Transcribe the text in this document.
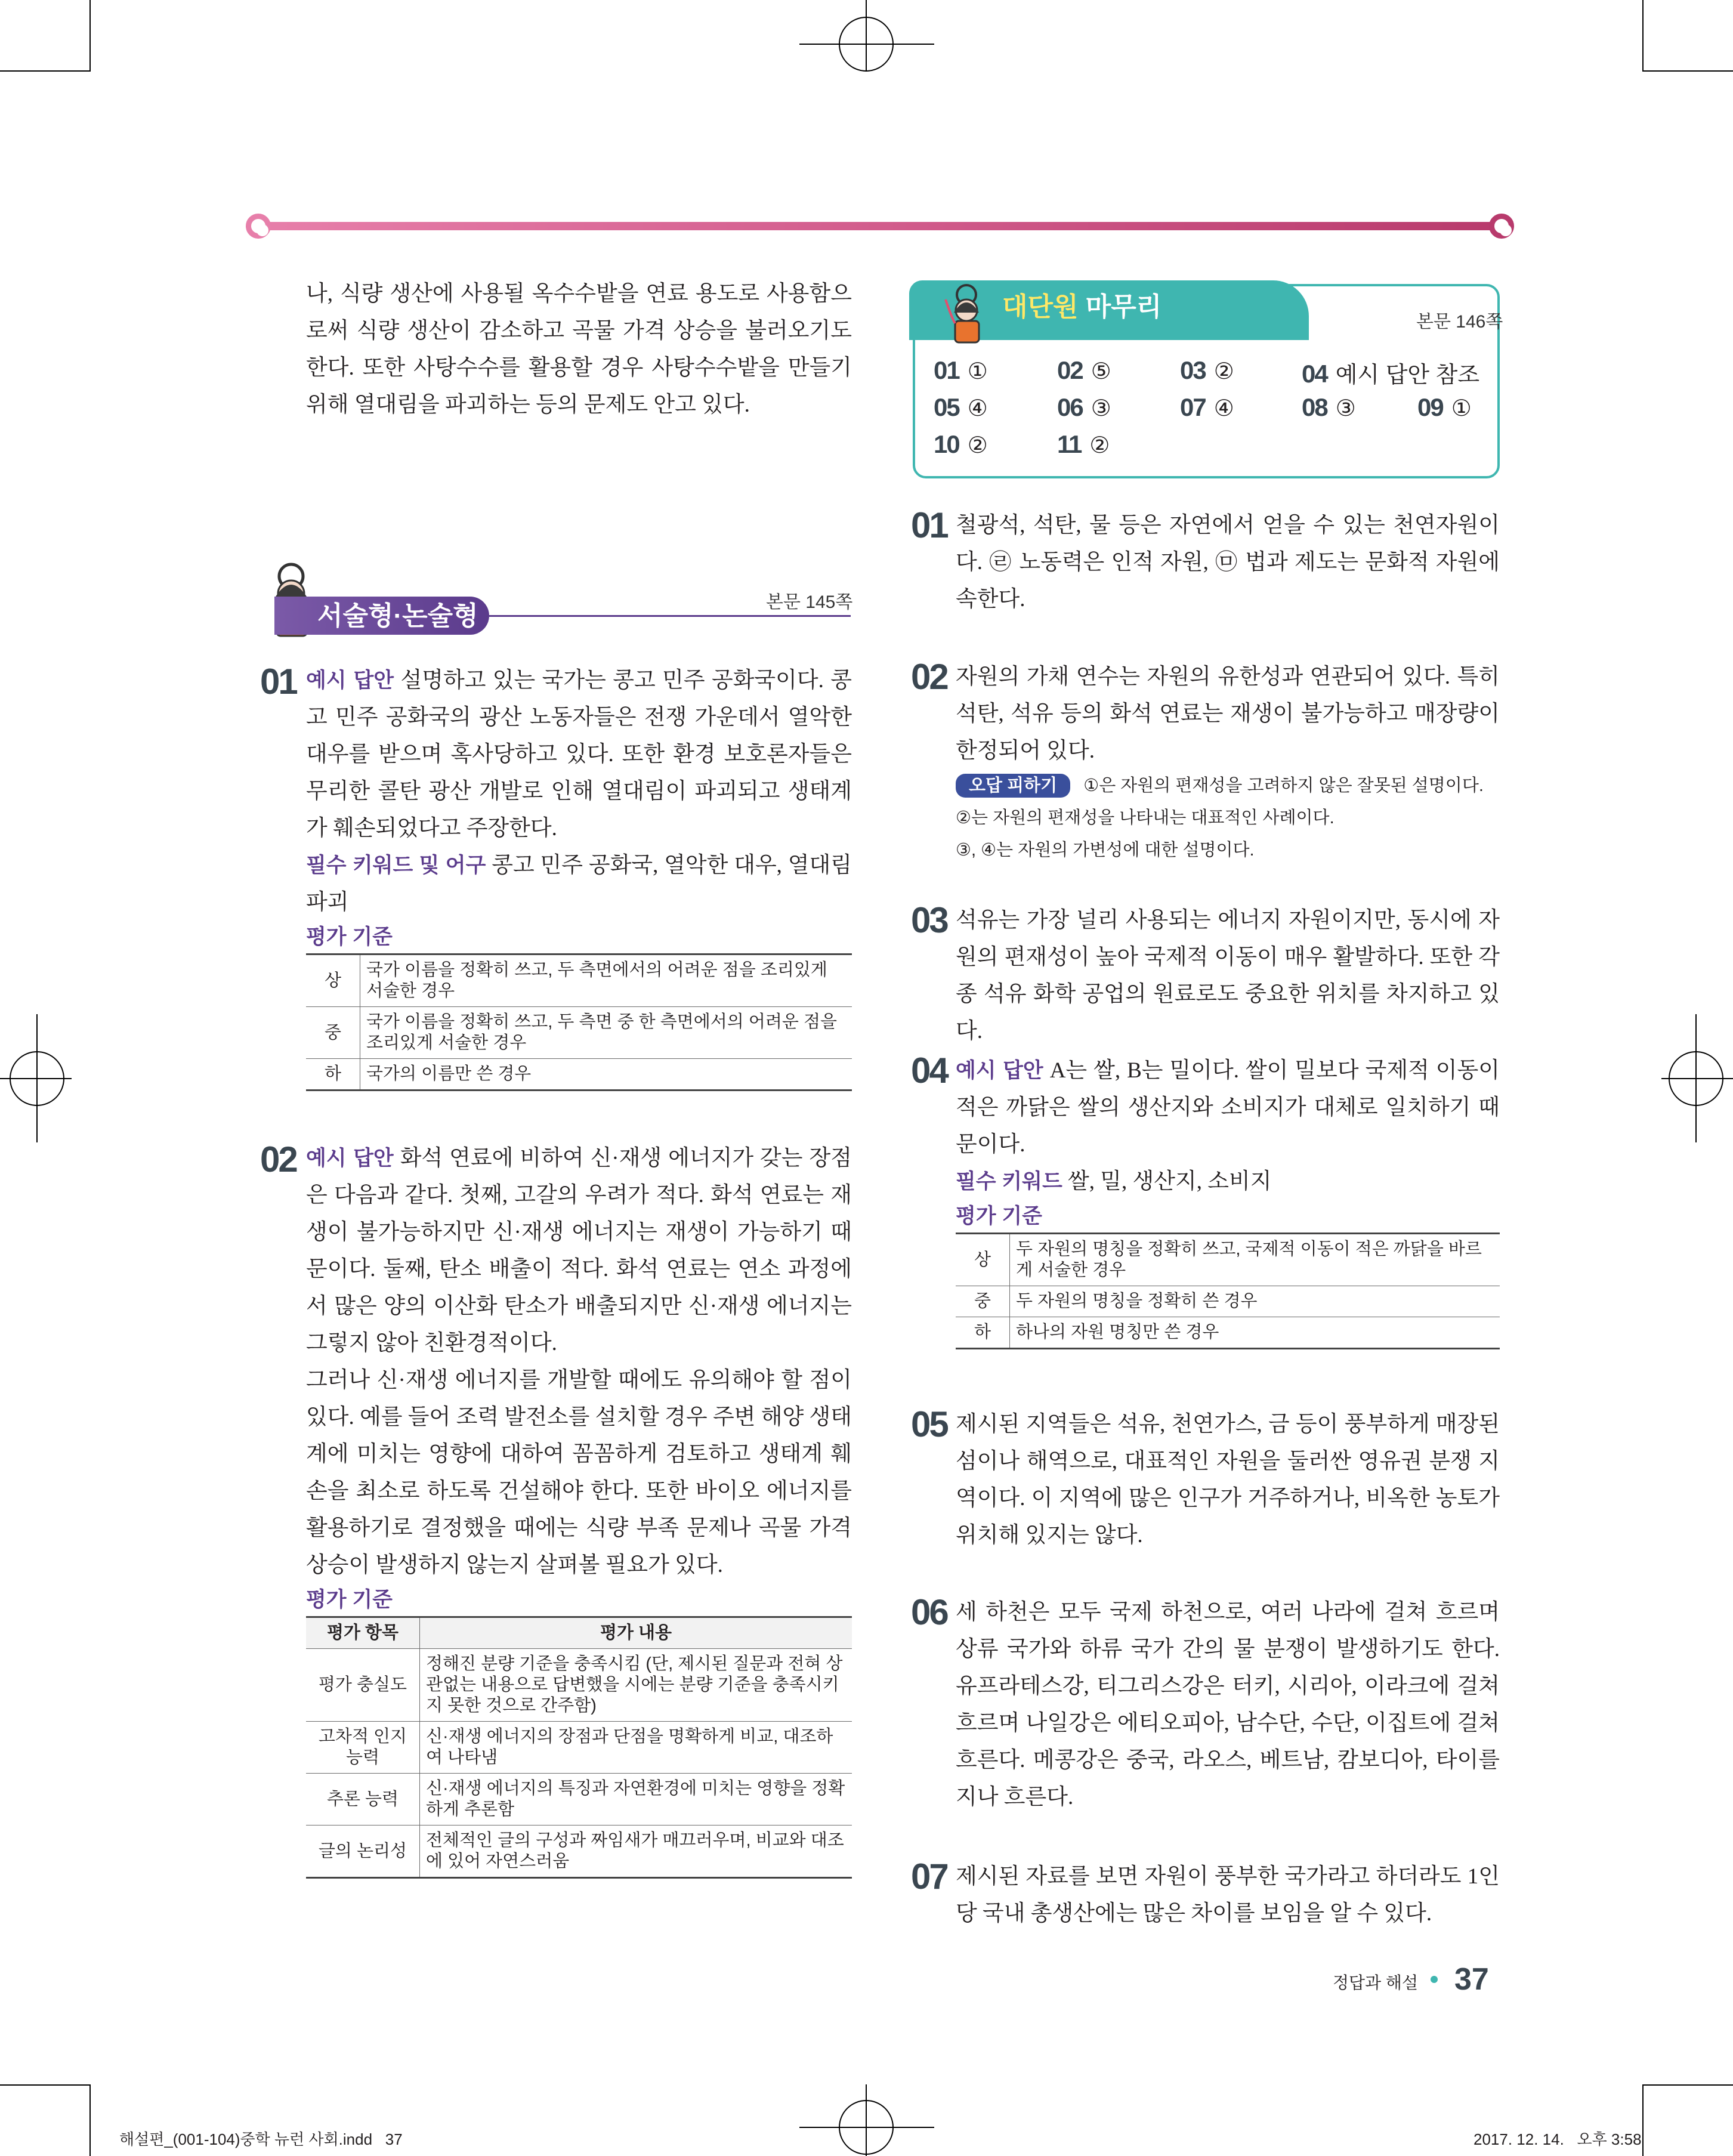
나, 식량 생산에 사용될 옥수수밭을 연료 용도로 사용함으로써 식량 생산이 감소하고 곡물 가격 상승을 불러오기도 한다. 또한 사탕수수를 활용할 경우 사탕수수밭을 만들기 위해 열대림을 파괴하는 등의 문제도 안고 있다.

서술형·논술형	본문 145쪽
01 예시 답안 설명하고 있는 국가는 콩고 민주 공화국이다. 콩고 민주 공화국의 광산 노동자들은 전쟁 가운데서 열악한 대우를 받으며 혹사당하고 있다. 또한 환경 보호론자들은 무리한 콜탄 광산 개발로 인해 열대림이 파괴되고 생태계가 훼손되었다고 주장한다.

필수 키워드 및 어구 콩고 민주 공화국, 열악한 대우, 열대림 파괴

평가 기준
상	국가 이름을 정확히 쓰고, 두 측면에서의 어려운 점을 조리있게 서술한 경우
중	국가 이름을 정확히 쓰고, 두 측면 중 한 측면에서의 어려운 점을 조리있게 서술한 경우
하	국가의 이름만 쓴 경우
02 예시 답안 화석 연료에 비하여 신·재생 에너지가 갖는 장점은 다음과 같다. 첫째, 고갈의 우려가 적다. 화석 연료는 재생이 불가능하지만 신·재생 에너지는 재생이 가능하기 때문이다. 둘째, 탄소 배출이 적다. 화석 연료는 연소 과정에서 많은 양의 이산화 탄소가 배출되지만 신·재생 에너지는 그렇지 않아 친환경적이다.

그러나 신·재생 에너지를 개발할 때에도 유의해야 할 점이 있다. 예를 들어 조력 발전소를 설치할 경우 주변 해양 생태계에 미치는 영향에 대하여 꼼꼼하게 검토하고 생태계 훼손을 최소로 하도록 건설해야 한다. 또한 바이오 에너지를 활용하기로 결정했을 때에는 식량 부족 문제나 곡물 가격 상승이 발생하지 않는지 살펴볼 필요가 있다.

평가 기준
평가 항목	평가 내용
평가 충실도	정해진 분량 기준을 충족시킴 (단, 제시된 질문과 전혀 상관없는 내용으로 답변했을 시에는 분량 기준을 충족시키지 못한 것으로 간주함)
고차적 인지 능력	신·재생 에너지의 장점과 단점을 명확하게 비교, 대조하여 나타냄
추론 능력	신·재생 에너지의 특징과 자연환경에 미치는 영향을 정확하게 추론함
글의 논리성	전체적인 글의 구성과 짜임새가 매끄러우며, 비교와 대조에 있어 자연스러움
대단원 마무리
본문 146쪽
01 ①	02 ⑤	03 ②	04 예시 답안 참조
05 ④	06 ③	07 ④	08 ③ 09 ①
10 ②	11 ②
01 철광석, 석탄, 물 등은 자연에서 얻을 수 있는 천연자원이다. ㉣ 노동력은 인적 자원, ㉤ 법과 제도는 문화적 자원에 속한다.

02 자원의 가채 연수는 자원의 유한성과 연관되어 있다. 특히 석탄, 석유 등의 화석 연료는 재생이 불가능하고 매장량이 한정되어 있다.

오답 피하기 ①은 자원의 편재성을 고려하지 않은 잘못된 설명이다.
②는 자원의 편재성을 나타내는 대표적인 사례이다.
③, ④는 자원의 가변성에 대한 설명이다.
03 석유는 가장 널리 사용되는 에너지 자원이지만, 동시에 자원의 편재성이 높아 국제적 이동이 매우 활발하다. 또한 각종 석유 화학 공업의 원료로도 중요한 위치를 차지하고 있다.

04 예시 답안 A는 쌀, B는 밀이다. 쌀이 밀보다 국제적 이동이 적은 까닭은 쌀의 생산지와 소비지가 대체로 일치하기 때문이다.

필수 키워드 쌀, 밀, 생산지, 소비지

평가 기준
상	두 자원의 명칭을 정확히 쓰고, 국제적 이동이 적은 까닭을 바르게 서술한 경우
중	두 자원의 명칭을 정확히 쓴 경우
하	하나의 자원 명칭만 쓴 경우
05 제시된 지역들은 석유, 천연가스, 금 등이 풍부하게 매장된 섬이나 해역으로, 대표적인 자원을 둘러싼 영유권 분쟁 지역이다. 이 지역에 많은 인구가 거주하거나, 비옥한 농토가 위치해 있지는 않다.

06 세 하천은 모두 국제 하천으로, 여러 나라에 걸쳐 흐르며 상류 국가와 하류 국가 간의 물 분쟁이 발생하기도 한다. 유프라테스강, 티그리스강은 터키, 시리아, 이라크에 걸쳐 흐르며 나일강은 에티오피아, 남수단, 수단, 이집트에 걸쳐 흐른다. 메콩강은 중국, 라오스, 베트남, 캄보디아, 타이를 지나 흐른다.

07 제시된 자료를 보면 자원이 풍부한 국가라고 하더라도 1인당 국내 총생산에는 많은 차이를 보임을 알 수 있다.

정답과 해설 37
해설편_(001-104)중학 뉴런 사회.indd   37	2017. 12. 14.   오후 3:58
